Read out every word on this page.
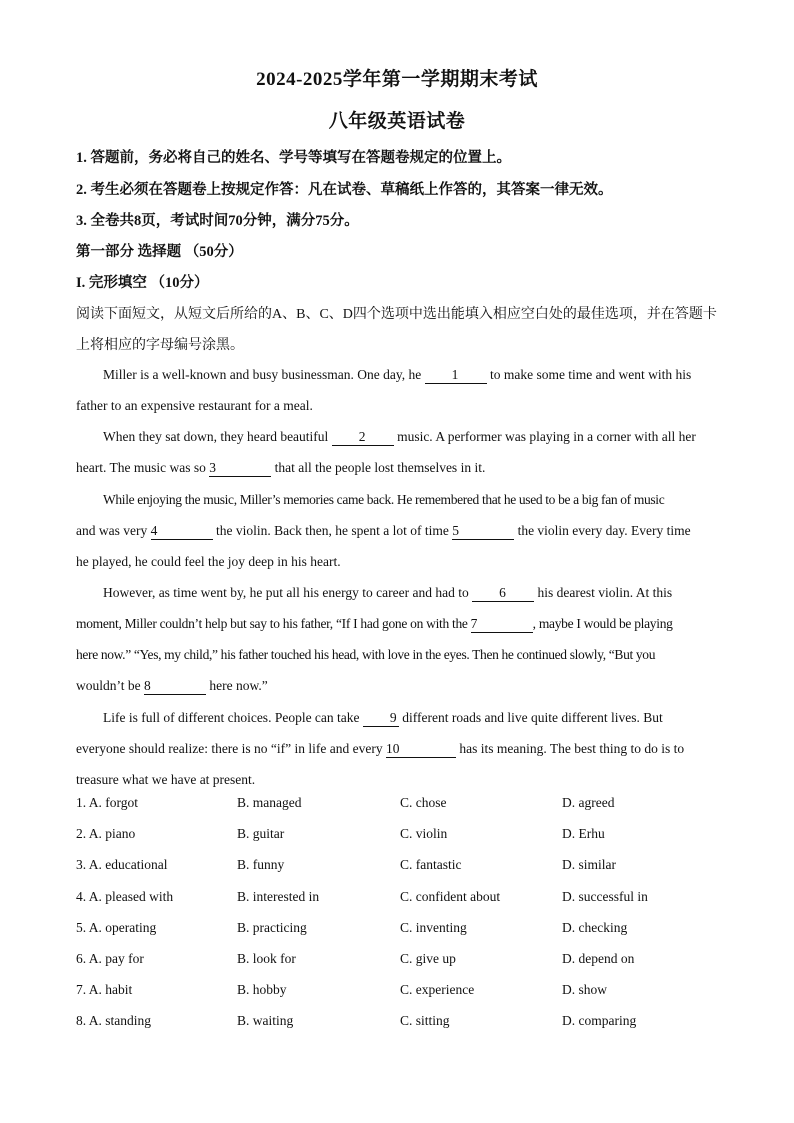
2024-2025学年第一学期期末考试
八年级英语试卷
1. 答题前，务必将自己的姓名、学号等填写在答题卷规定的位置上。
2. 考生必须在答题卷上按规定作答：凡在试卷、草稿纸上作答的，其答案一律无效。
3. 全卷共8页，考试时间70分钟，满分75分。
第一部分 选择题 （50分）
I. 完形填空 （10分）
阅读下面短文，从短文后所给的A、B、C、D四个选项中选出能填入相应空白处的最佳选项，并在答题卡
上将相应的字母编号涂黑。
Miller is a well-known and busy businessman. One day, he 1 to make some time and went with his
father to an expensive restaurant for a meal.
When they sat down, they heard beautiful 2 music. A performer was playing in a corner with all her
heart. The music was so 3	that all the people lost themselves in it.
While enjoying the music, Miller’s memories came back. He remembered that he used to be a big fan of music
and was very 4	the violin. Back then, he spent a lot of time 5	the violin every day. Every time
he played, he could feel the joy deep in his heart.
However, as time went by, he put all his energy to career and had to 6 his dearest violin. At this
moment, Miller couldn’t help but say to his father, “If I had gone on with the 7	, maybe I would be playing
here now.” “Yes, my child,” his father touched his head, with love in the eyes. Then he continued slowly, “But you
wouldn’t be 8	here now.”
Life is full of different choices. People can take 9 different roads and live quite different lives. But
everyone should realize: there is no “if” in life and every 10	has its meaning. The best thing to do is to
treasure what we have at present.
1. A. forgot	B. managed	C. chose	D. agreed
2. A. piano	B. guitar	C. violin	D. Erhu
3. A. educational	B. funny	C. fantastic	D. similar
4. A. pleased with	B. interested in	C. confident about	D. successful in
5. A. operating	B. practicing	C. inventing	D. checking
6. A. pay for	B. look for	C. give up	D. depend on
7. A. habit	B. hobby	C. experience	D. show
8. A. standing	B. waiting	C. sitting	D. comparing
